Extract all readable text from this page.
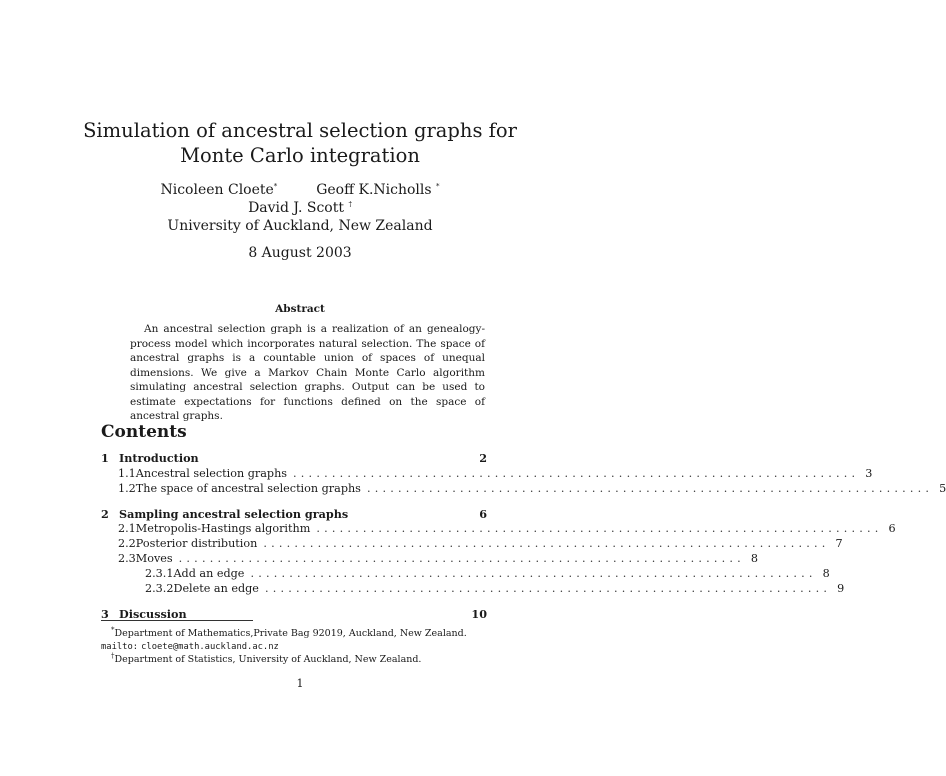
Simulation of ancestral selection graphs for
Monte Carlo integration
Nicoleen Cloete*	Geoff K.Nicholls *
David J. Scott †
University of Auckland, New Zealand
8 August 2003
Abstract
An ancestral selection graph is a realization of an genealogy-process model which incorporates natural selection. The space of ancestral graphs is a countable union of spaces of unequal dimensions. We give a Markov Chain Monte Carlo algorithm simulating ancestral selection graphs. Output can be used to estimate expectations for functions defined on the space of ancestral graphs.
Contents
1 Introduction	2
1.1 Ancestral selection graphs ......................................................................... 3
1.2 The space of ancestral selection graphs ......................................................................... 5
2 Sampling ancestral selection graphs	6
2.1 Metropolis-Hastings algorithm ......................................................................... 6
2.2 Posterior distribution ......................................................................... 7
2.3 Moves ......................................................................... 8
2.3.1 Add an edge ......................................................................... 8
2.3.2 Delete an edge ......................................................................... 9
3 Discussion	10
*Department of Mathematics,Private Bag 92019, Auckland, New Zealand. mailto: cloete@math.auckland.ac.nz
†Department of Statistics, University of Auckland, New Zealand.
1
